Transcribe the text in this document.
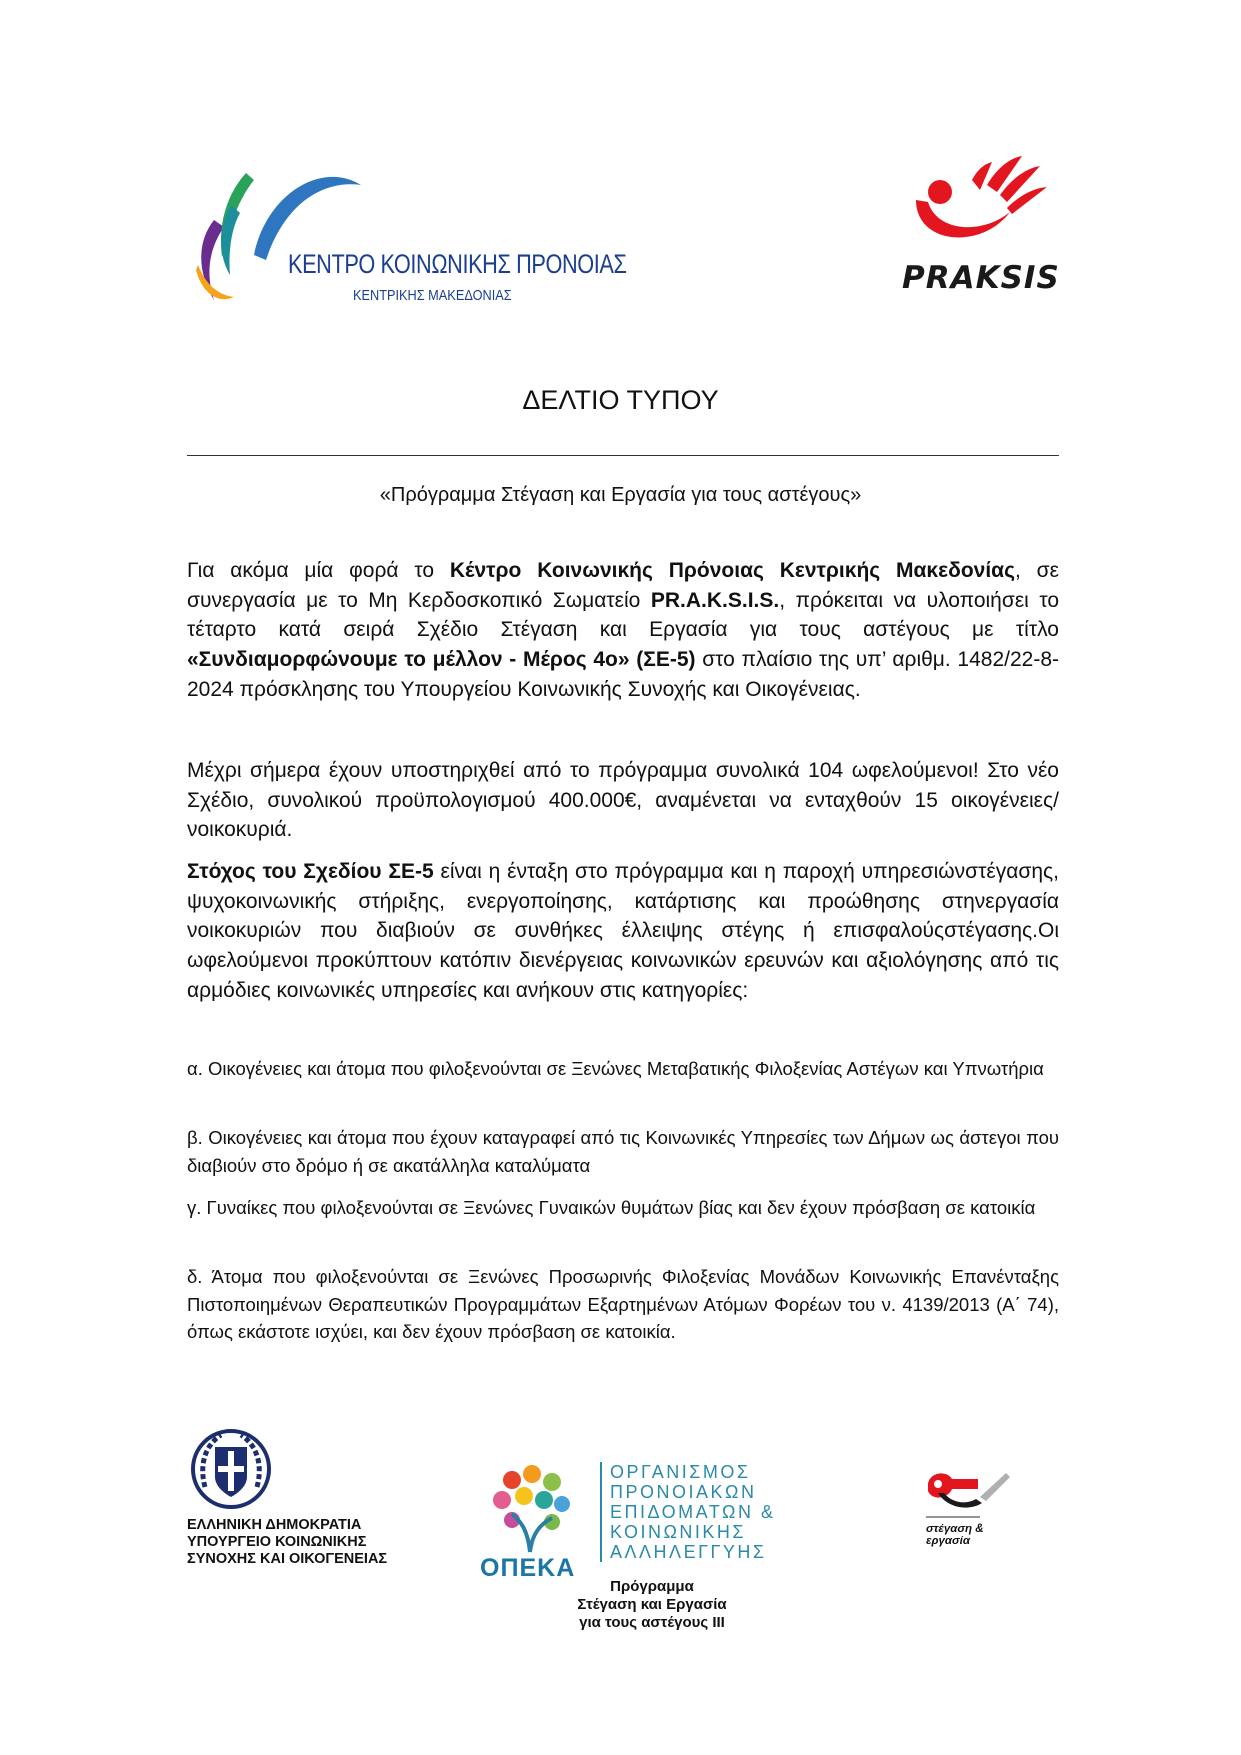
ΚΕΝΤΡΟ ΚΟΙΝΩΝΙΚΗΣ ΠΡΟΝΟΙΑΣ
ΚΕΝΤΡΙΚΗΣ ΜΑΚΕΔΟΝΙΑΣ	PRAKSIS
ΔΕΛΤΙΟ ΤΥΠΟΥ
«Πρόγραμμα Στέγαση και Εργασία για τους αστέγους»
Για ακόμα μία φορά το Κέντρο Κοινωνικής Πρόνοιας Κεντρικής Μακεδονίας, σε συνεργασία με το Μη Κερδοσκοπικό Σωματείο PR.A.K.S.I.S., πρόκειται να υλοποιήσει το τέταρτο κατά σειρά Σχέδιο Στέγαση και Εργασία για τους αστέγους με τίτλο «Συνδιαμορφώνουμε το μέλλον - Μέρος 4ο» (ΣΕ-5) στο πλαίσιο της υπ’ αριθμ. 1482/22-8-2024 πρόσκλησης του Υπουργείου Κοινωνικής Συνοχής και Οικογένειας.
Μέχρι σήμερα έχουν υποστηριχθεί από το πρόγραμμα συνολικά 104 ωφελούμενοι! Στο νέο Σχέδιο, συνολικού προϋπολογισμού 400.000€, αναμένεται να ενταχθούν 15 οικογένειες/νοικοκυριά.
Στόχος του Σχεδίου ΣΕ-5 είναι η ένταξη στο πρόγραμμα και η παροχή υπηρεσιώνστέγασης, ψυχοκοινωνικής στήριξης, ενεργοποίησης, κατάρτισης και προώθησης στηνεργασία νοικοκυριών που διαβιούν σε συνθήκες έλλειψης στέγης ή επισφαλούςστέγασης.Οι ωφελούμενοι προκύπτουν κατόπιν διενέργειας κοινωνικών ερευνών και αξιολόγησης από τις αρμόδιες κοινωνικές υπηρεσίες και ανήκουν στις κατηγορίες:
α. Οικογένειες και άτομα που φιλοξενούνται σε Ξενώνες Μεταβατικής Φιλοξενίας Αστέγων και Υπνωτήρια
β. Οικογένειες και άτομα που έχουν καταγραφεί από τις Κοινωνικές Υπηρεσίες των Δήμων ως άστεγοι που διαβιούν στο δρόμο ή σε ακατάλληλα καταλύματα
γ. Γυναίκες που φιλοξενούνται σε Ξενώνες Γυναικών θυμάτων βίας και δεν έχουν πρόσβαση σε κατοικία
δ. Άτομα που φιλοξενούνται σε Ξενώνες Προσωρινής Φιλοξενίας Μονάδων Κοινωνικής Επανένταξης Πιστοποιημένων Θεραπευτικών Προγραμμάτων Εξαρτημένων Ατόμων Φορέων του ν. 4139/2013 (Α΄ 74), όπως εκάστοτε ισχύει, και δεν έχουν πρόσβαση σε κατοικία.
ΕΛΛΗΝΙΚΗ ΔΗΜΟΚΡΑΤΙΑ
ΥΠΟΥΡΓΕΙΟ ΚΟΙΝΩΝΙΚΗΣ
ΣΥΝΟΧΗΣ ΚΑΙ ΟΙΚΟΓΕΝΕΙΑΣ	ΟΠΕΚΑ
ΟΡΓΑΝΙΣΜΟΣ
ΠΡΟΝΟΙΑΚΩΝ
ΕΠΙΔΟΜΑΤΩΝ &
ΚΟΙΝΩΝΙΚΗΣ
ΑΛΛΗΛΕΓΓΥΗΣ
Πρόγραμμα
Στέγαση και Εργασία
για τους αστέγους ΙΙΙ
στέγαση &
εργασία
